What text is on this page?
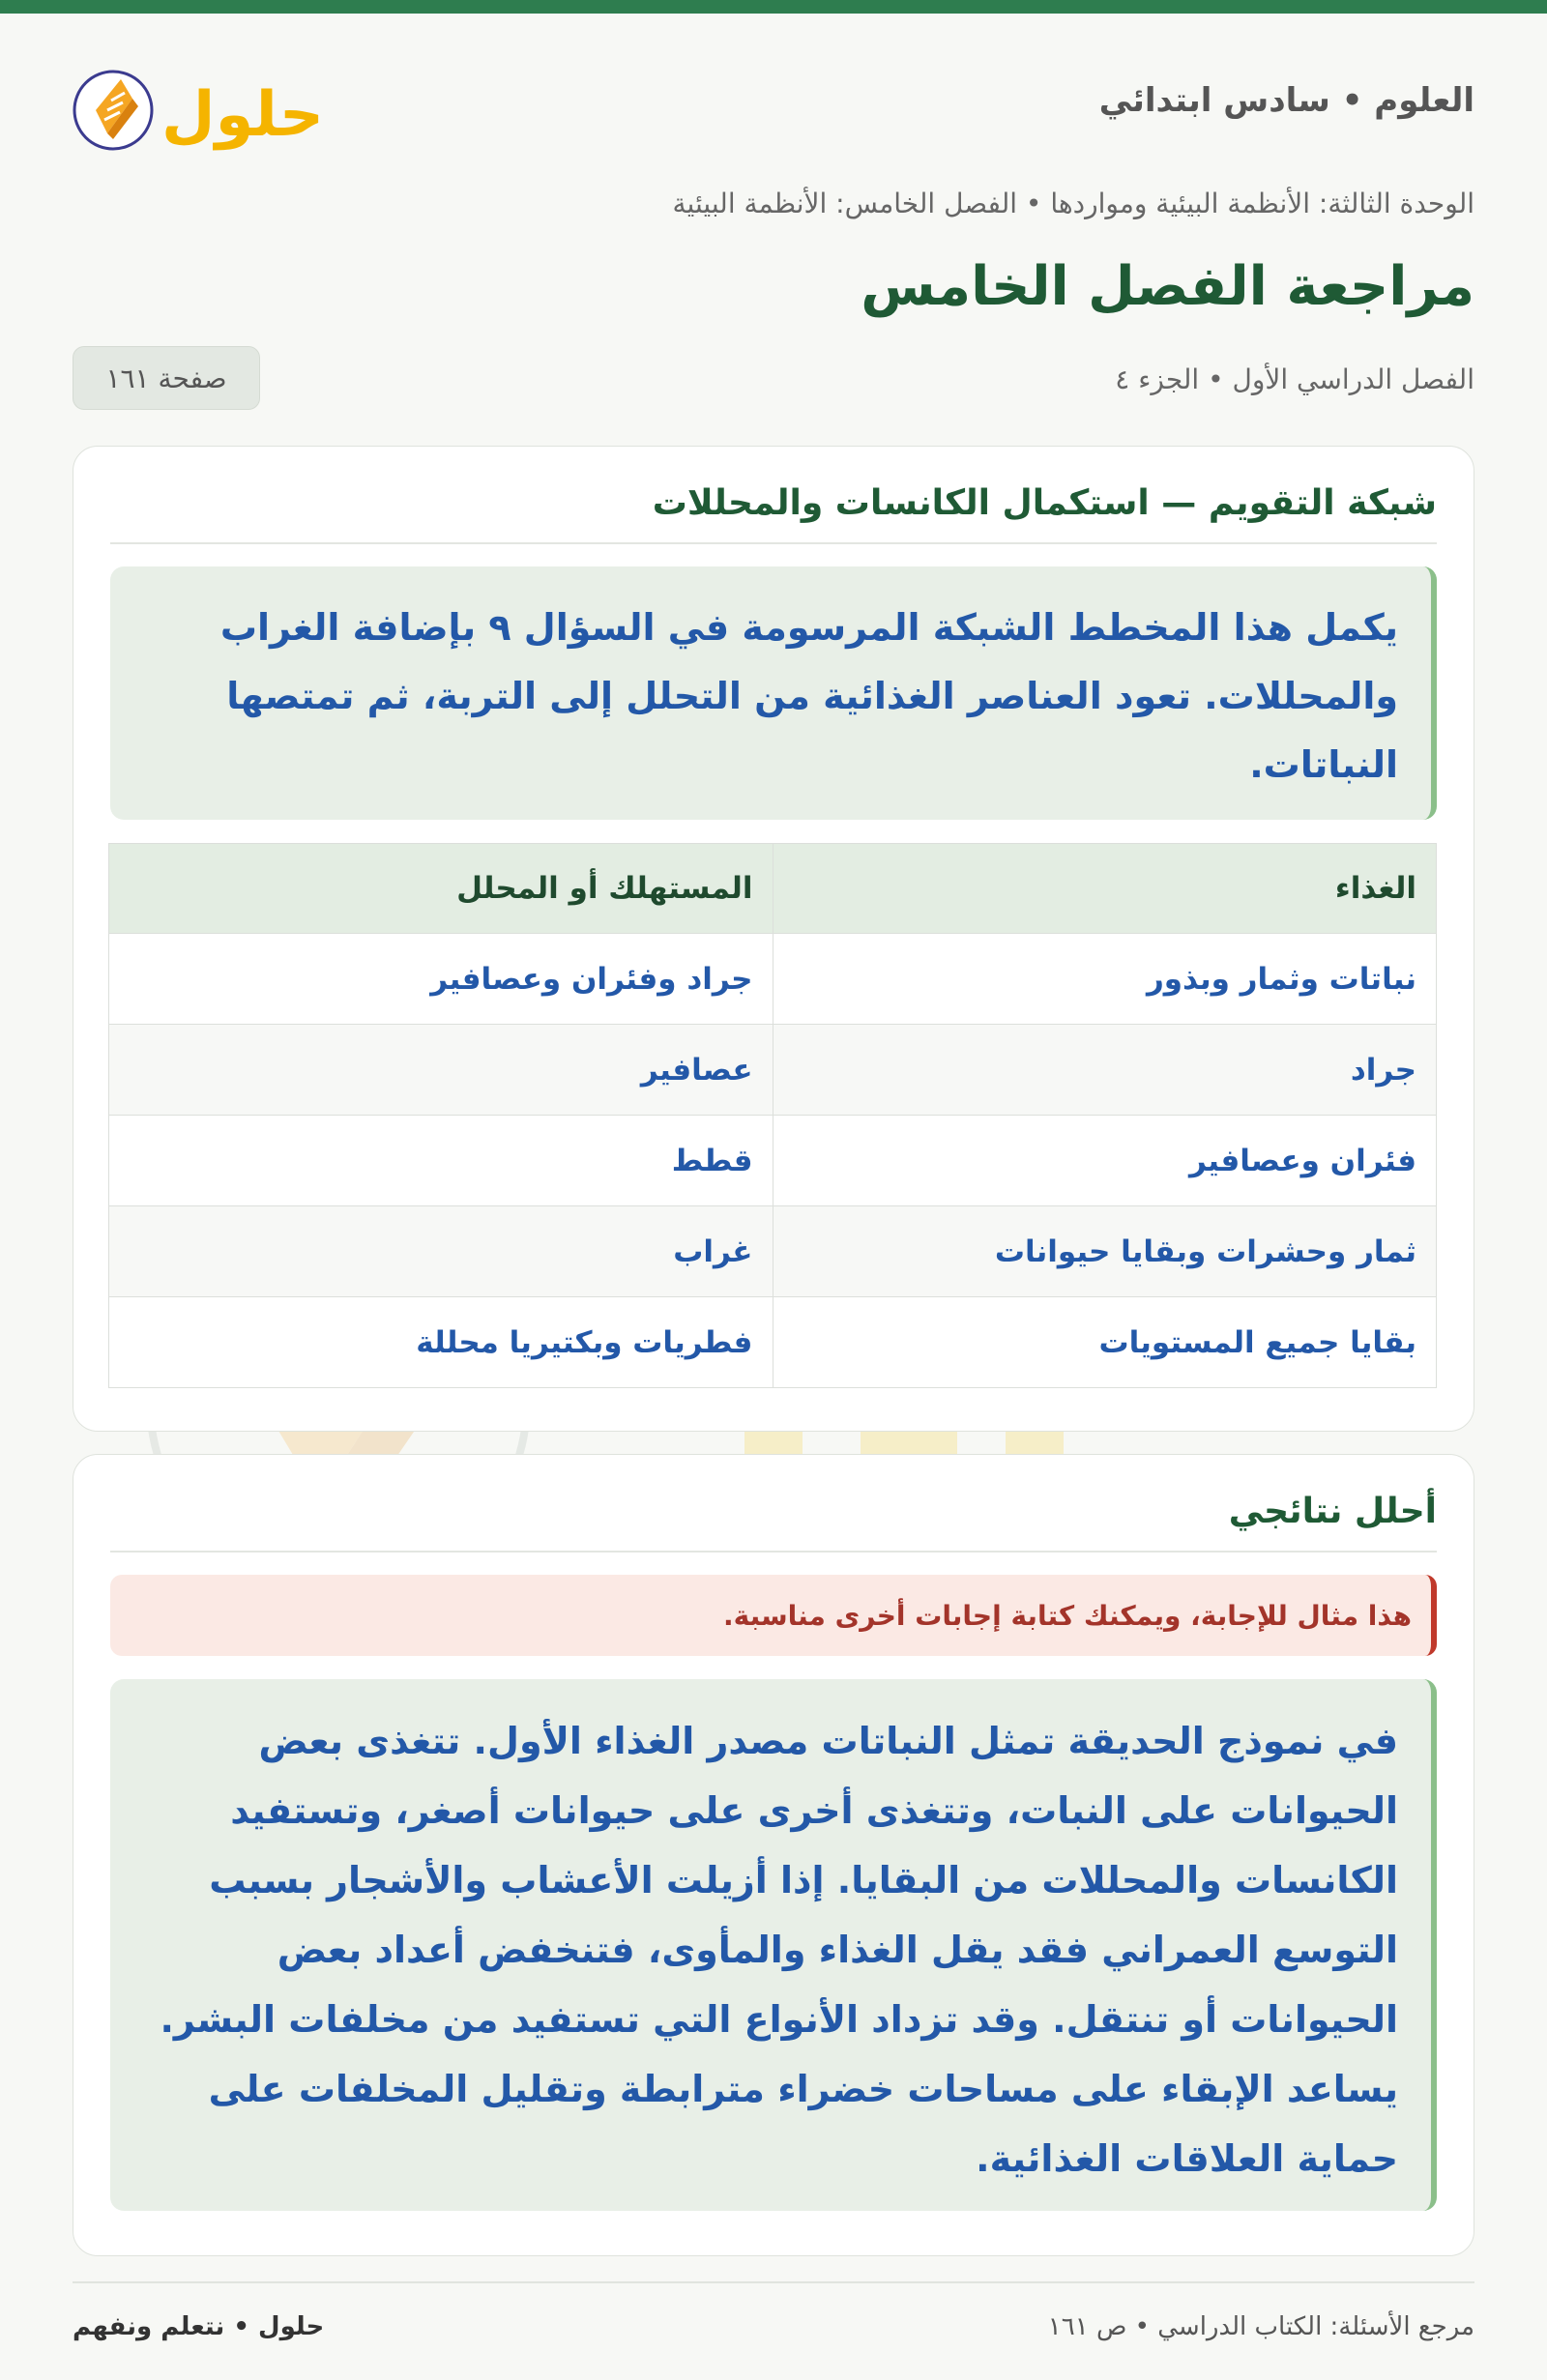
العلوم • سادس ابتدائي
حلول
الوحدة الثالثة: الأنظمة البيئية ومواردها • الفصل الخامس: الأنظمة البيئية
مراجعة الفصل الخامس
الفصل الدراسي الأول • الجزء ٤
صفحة ١٦١
شبكة التقويم — استكمال الكانسات والمحللات
يكمل هذا المخطط الشبكة المرسومة في السؤال ٩ بإضافة الغراب والمحللات. تعود العناصر الغذائية من التحلل إلى التربة، ثم تمتصها النباتات.
الغذاء	المستهلك أو المحلل
نباتات وثمار وبذور	جراد وفئران وعصافير
جراد	عصافير
فئران وعصافير	قطط
ثمار وحشرات وبقايا حيوانات	غراب
بقايا جميع المستويات	فطريات وبكتيريا محللة
أحلل نتائجي
هذا مثال للإجابة، ويمكنك كتابة إجابات أخرى مناسبة.
في نموذج الحديقة تمثل النباتات مصدر الغذاء الأول. تتغذى بعض الحيوانات على النبات، وتتغذى أخرى على حيوانات أصغر، وتستفيد الكانسات والمحللات من البقايا. إذا أزيلت الأعشاب والأشجار بسبب التوسع العمراني فقد يقل الغذاء والمأوى، فتنخفض أعداد بعض الحيوانات أو تنتقل. وقد تزداد الأنواع التي تستفيد من مخلفات البشر. يساعد الإبقاء على مساحات خضراء مترابطة وتقليل المخلفات على حماية العلاقات الغذائية.
مرجع الأسئلة: الكتاب الدراسي • ص ١٦١
حلول • نتعلم ونفهم
